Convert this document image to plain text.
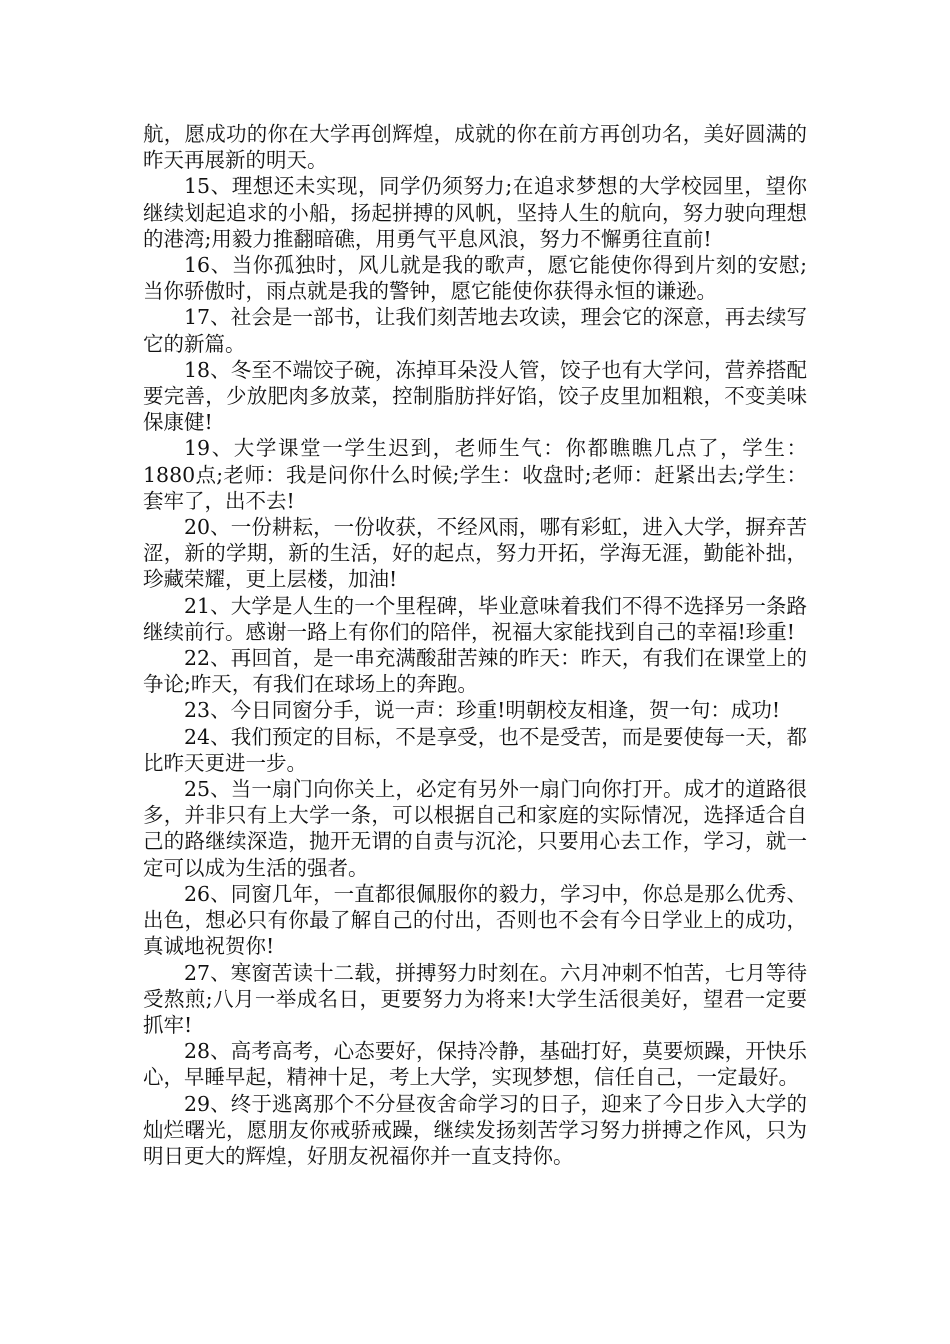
航，愿成功的你在大学再创辉煌，成就的你在前方再创功名，美好圆满的昨天再展新的明天。

15、理想还未实现，同学仍须努力;在追求梦想的大学校园里，望你继续划起追求的小船，扬起拼搏的风帆，坚持人生的航向，努力驶向理想的港湾;用毅力推翻暗礁，用勇气平息风浪，努力不懈勇往直前!

16、当你孤独时，风儿就是我的歌声，愿它能使你得到片刻的安慰;当你骄傲时，雨点就是我的警钟，愿它能使你获得永恒的谦逊。

17、社会是一部书，让我们刻苦地去攻读，理会它的深意，再去续写它的新篇。

18、冬至不端饺子碗，冻掉耳朵没人管，饺子也有大学问，营养搭配要完善，少放肥肉多放菜，控制脂肪拌好馅，饺子皮里加粗粮，不变美味保康健!

19、大学课堂一学生迟到，老师生气：你都瞧瞧几点了，学生：1880点;老师：我是问你什么时候;学生：收盘时;老师：赶紧出去;学生：套牢了，出不去!

20、一份耕耘，一份收获，不经风雨，哪有彩虹，进入大学，摒弃苦涩，新的学期，新的生活，好的起点，努力开拓，学海无涯，勤能补拙，珍藏荣耀，更上层楼，加油!

21、大学是人生的一个里程碑，毕业意味着我们不得不选择另一条路继续前行。感谢一路上有你们的陪伴，祝福大家能找到自己的幸福!珍重!

22、再回首，是一串充满酸甜苦辣的昨天：昨天，有我们在课堂上的争论;昨天，有我们在球场上的奔跑。

23、今日同窗分手，说一声：珍重!明朝校友相逢，贺一句：成功!

24、我们预定的目标，不是享受，也不是受苦，而是要使每一天，都比昨天更进一步。

25、当一扇门向你关上，必定有另外一扇门向你打开。成才的道路很多，并非只有上大学一条，可以根据自己和家庭的实际情况，选择适合自己的路继续深造，抛开无谓的自责与沉沦，只要用心去工作，学习，就一定可以成为生活的强者。

26、同窗几年，一直都很佩服你的毅力，学习中，你总是那么优秀、出色，想必只有你最了解自己的付出，否则也不会有今日学业上的成功，真诚地祝贺你!

27、寒窗苦读十二载，拼搏努力时刻在。六月冲刺不怕苦，七月等待受熬煎;八月一举成名日，更要努力为将来!大学生活很美好，望君一定要抓牢!

28、高考高考，心态要好，保持冷静，基础打好，莫要烦躁，开快乐心，早睡早起，精神十足，考上大学，实现梦想，信任自己，一定最好。

29、终于逃离那个不分昼夜舍命学习的日子，迎来了今日步入大学的灿烂曙光，愿朋友你戒骄戒躁，继续发扬刻苦学习努力拼搏之作风，只为明日更大的辉煌，好朋友祝福你并一直支持你。
